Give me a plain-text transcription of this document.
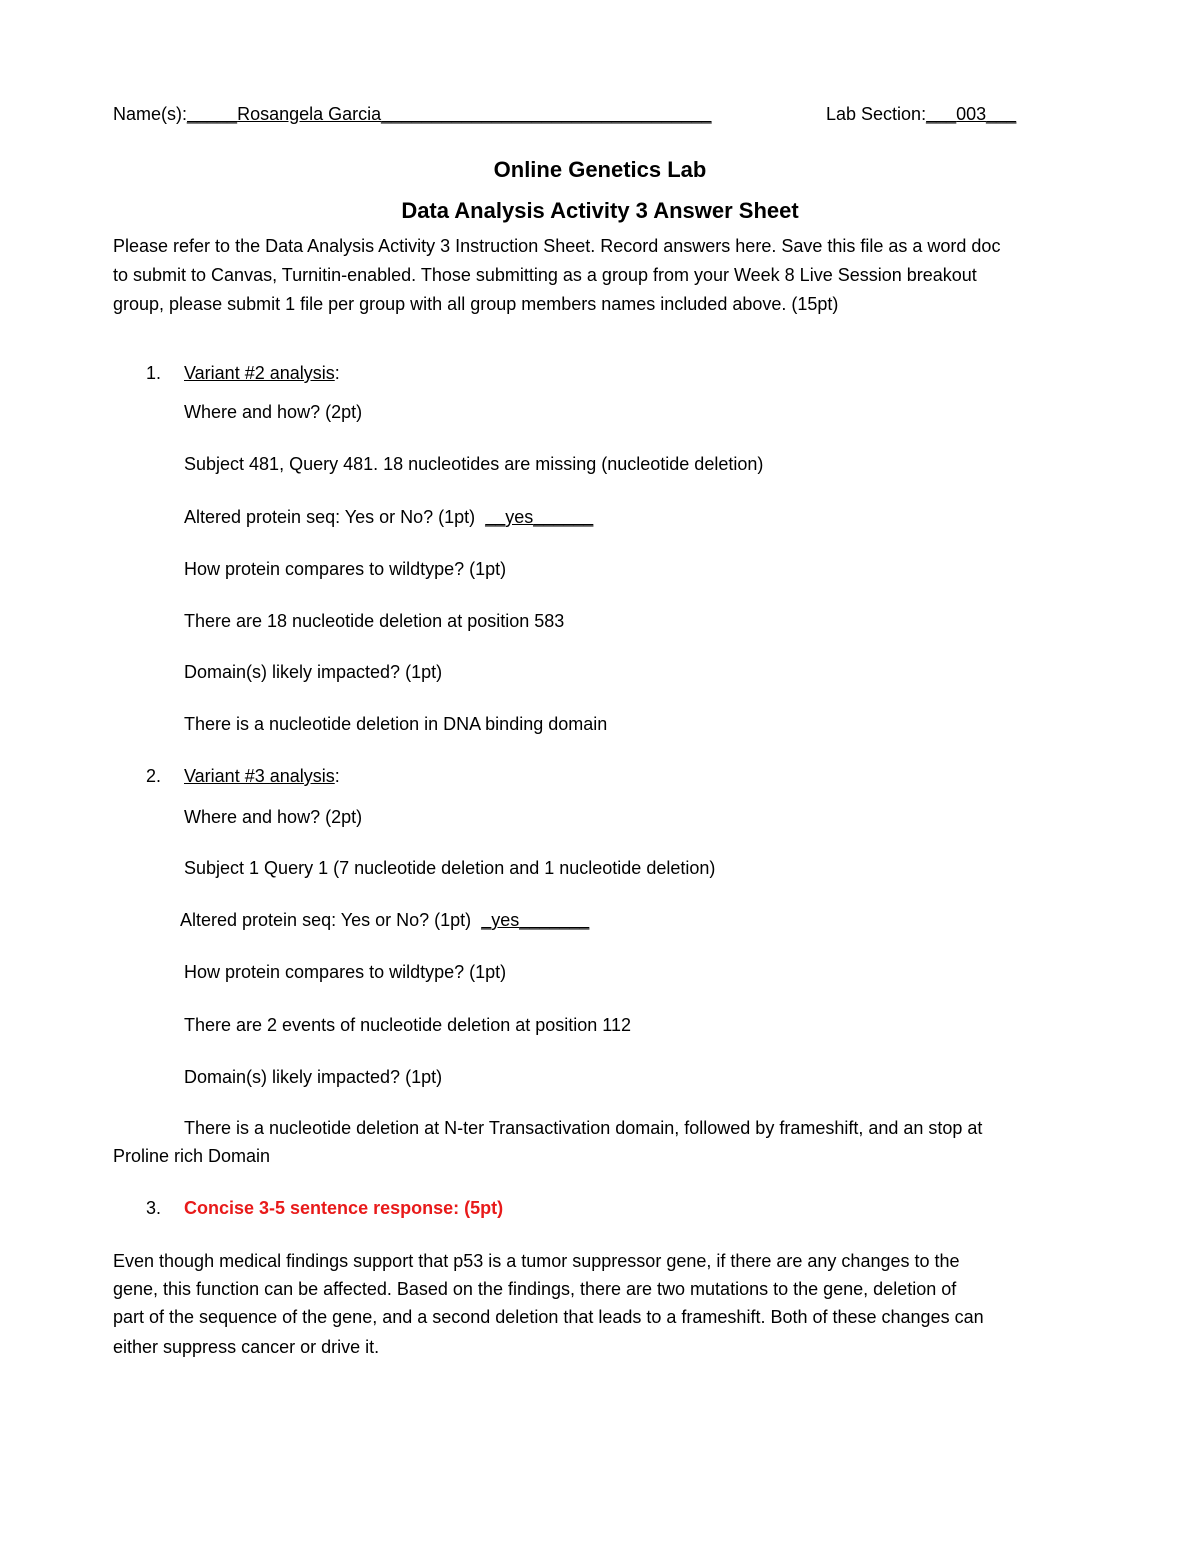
Name(s):_____Rosangela Garcia_________________________________	Lab Section:___003___
Online Genetics Lab
Data Analysis Activity 3 Answer Sheet
Please refer to the Data Analysis Activity 3 Instruction Sheet. Record answers here. Save this file as a word doc
to submit to Canvas, Turnitin-enabled. Those submitting as a group from your Week 8 Live Session breakout
group, please submit 1 file per group with all group members names included above. (15pt)
1. Variant #2 analysis:
Where and how? (2pt)
Subject 481, Query 481. 18 nucleotides are missing (nucleotide deletion)
Altered protein seq: Yes or No? (1pt) __yes______
How protein compares to wildtype? (1pt)
There are 18 nucleotide deletion at position 583
Domain(s) likely impacted? (1pt)
There is a nucleotide deletion in DNA binding domain
2. Variant #3 analysis:
Where and how? (2pt)
Subject 1 Query 1 (7 nucleotide deletion and 1 nucleotide deletion)
Altered protein seq: Yes or No? (1pt) _yes_______
How protein compares to wildtype? (1pt)
There are 2 events of nucleotide deletion at position 112
Domain(s) likely impacted? (1pt)
There is a nucleotide deletion at N-ter Transactivation domain, followed by frameshift, and an stop at
Proline rich Domain
3. Concise 3-5 sentence response: (5pt)
Even though medical findings support that p53 is a tumor suppressor gene, if there are any changes to the
gene, this function can be affected. Based on the findings, there are two mutations to the gene, deletion of
part of the sequence of the gene, and a second deletion that leads to a frameshift. Both of these changes can
either suppress cancer or drive it.
